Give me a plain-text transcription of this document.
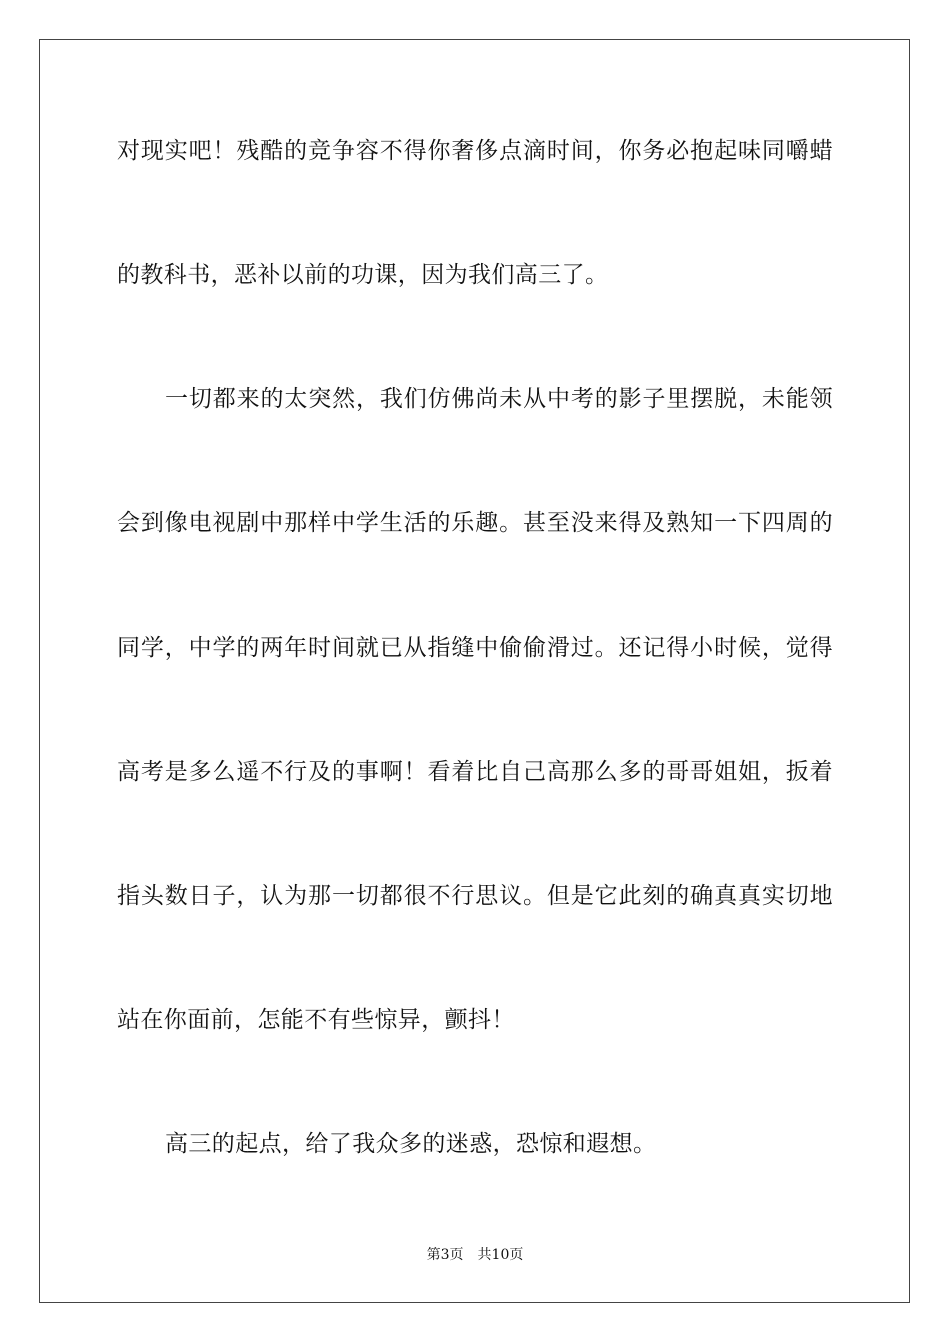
对现实吧！残酷的竞争容不得你奢侈点滴时间，你务必抱起味同嚼蜡
的教科书，恶补以前的功课，因为我们高三了。
一切都来的太突然，我们仿佛尚未从中考的影子里摆脱，未能领
会到像电视剧中那样中学生活的乐趣。甚至没来得及熟知一下四周的
同学，中学的两年时间就已从指缝中偷偷滑过。还记得小时候，觉得
高考是多么遥不行及的事啊！看着比自己高那么多的哥哥姐姐，扳着
指头数日子，认为那一切都很不行思议。但是它此刻的确真真实切地
站在你面前，怎能不有些惊异，颤抖！
高三的起点，给了我众多的迷惑，恐惊和遐想。
第3页 共10页
